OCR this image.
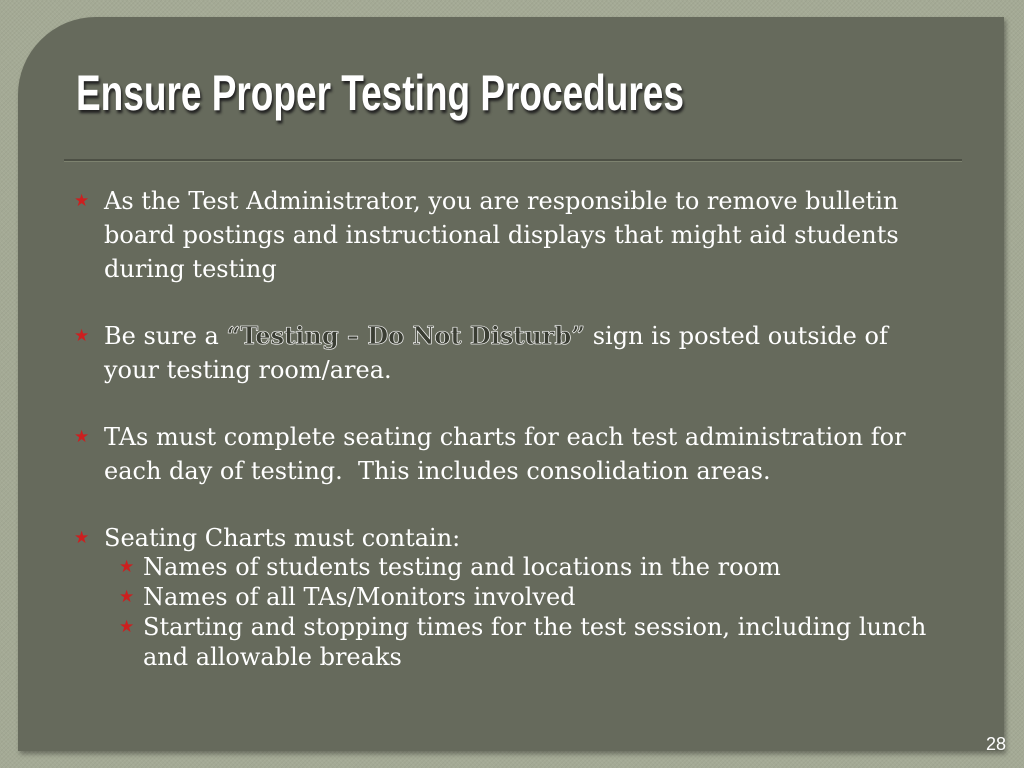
Ensure Proper Testing Procedures
★ As the Test Administrator, you are responsible to remove bulletin board postings and instructional displays that might aid students during testing
★ Be sure a “Testing – Do Not Disturb” sign is posted outside of your testing room/area.
★ TAs must complete seating charts for each test administration for each day of testing.  This includes consolidation areas.
★ Seating Charts must contain:
★ Names of students testing and locations in the room
★ Names of all TAs/Monitors involved
★ Starting and stopping times for the test session, including lunch and allowable breaks
28
